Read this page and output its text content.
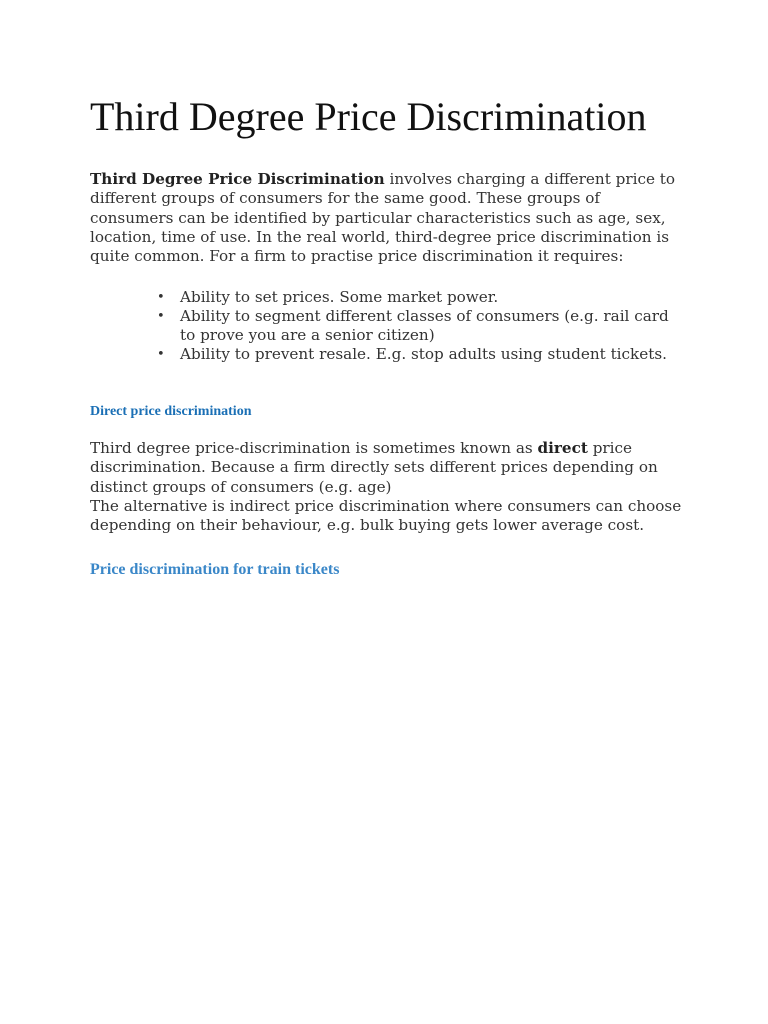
Third Degree Price Discrimination

Third Degree Price Discrimination involves charging a different price to different groups of consumers for the same good. These groups of consumers can be identified by particular characteristics such as age, sex, location, time of use. In the real world, third-degree price discrimination is quite common. For a firm to practise price discrimination it requires:

• Ability to set prices. Some market power.
• Ability to segment different classes of consumers (e.g. rail card to prove you are a senior citizen)
• Ability to prevent resale. E.g. stop adults using student tickets.
Direct price discrimination

Third degree price-discrimination is sometimes known as direct price discrimination. Because a firm directly sets different prices depending on distinct groups of consumers (e.g. age)
The alternative is indirect price discrimination where consumers can choose depending on their behaviour, e.g. bulk buying gets lower average cost.

Price discrimination for train tickets
